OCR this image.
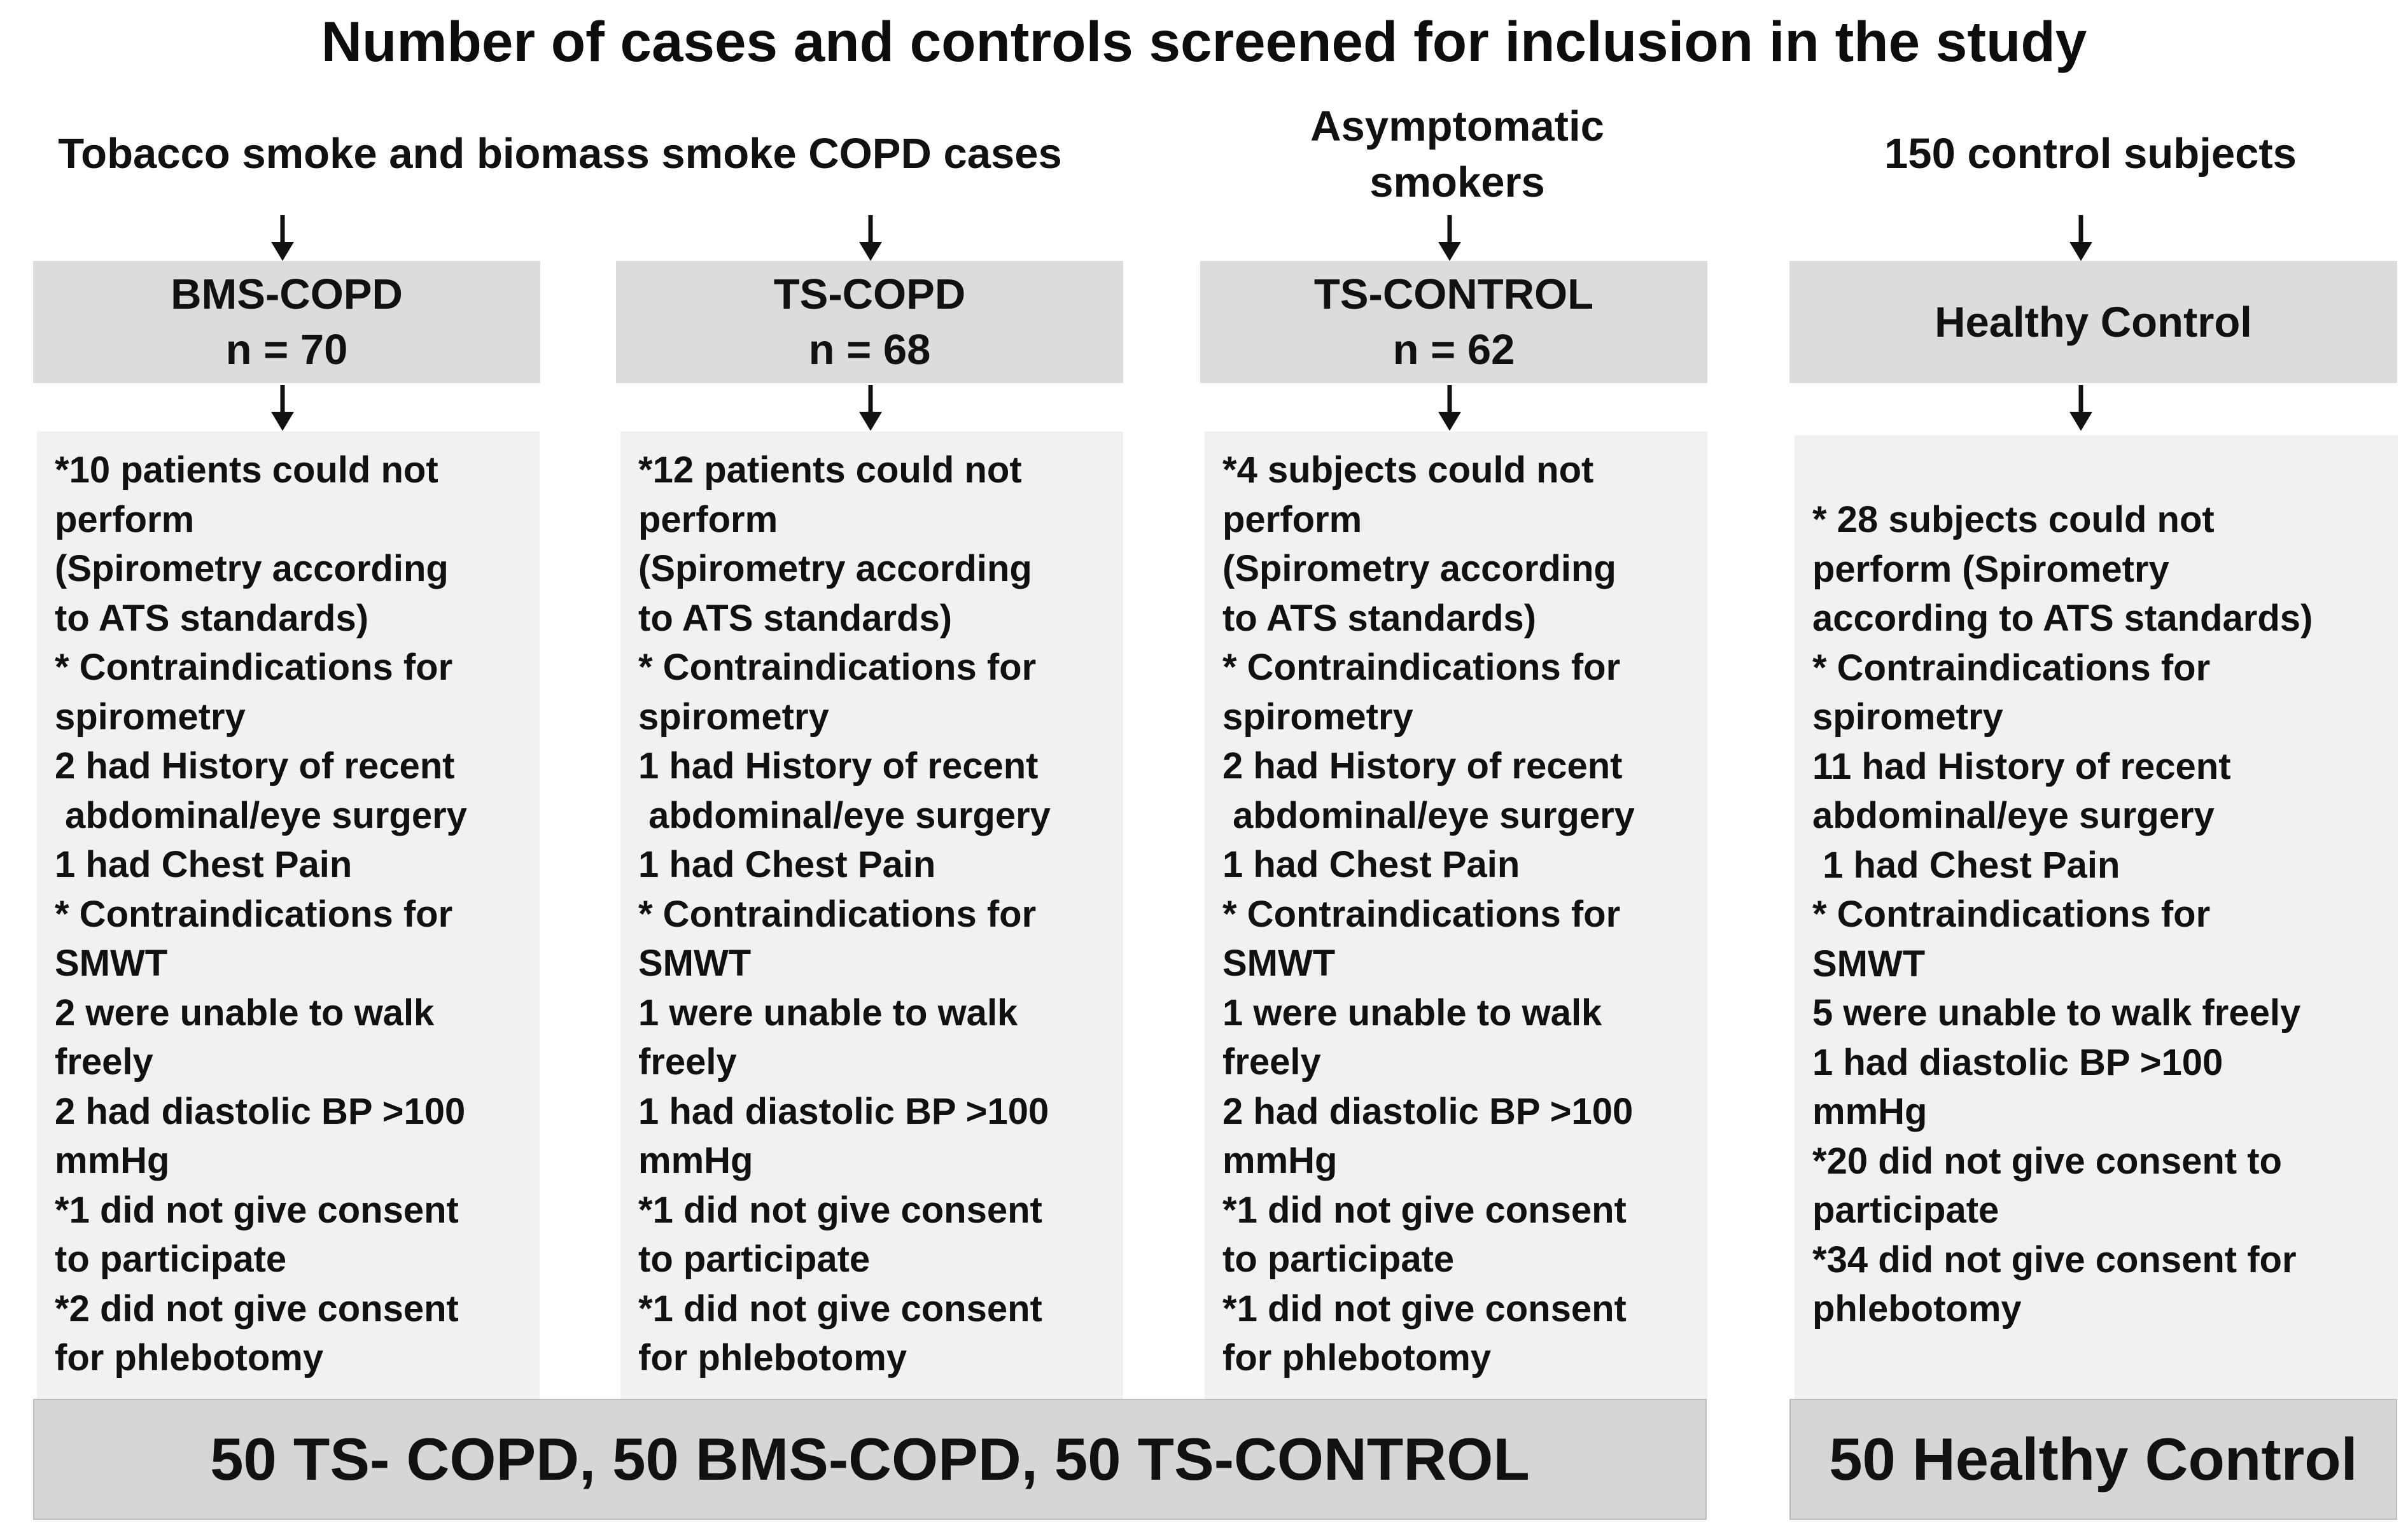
Number of cases and controls screened for inclusion in the study
Tobacco smoke and biomass smoke COPD cases
Asymptomatic
smokers
150 control subjects
BMS-COPD
n = 70
TS-COPD
n = 68
TS-CONTROL
n = 62
Healthy Control
*10 patients could not
perform
(Spirometry according
to ATS standards)
* Contraindications for
spirometry
2 had History of recent
abdominal/eye surgery
1 had Chest Pain
* Contraindications for
SMWT
2 were unable to walk
freely
2 had diastolic BP >100
mmHg
*1 did not give consent
to participate
*2 did not give consent
for phlebotomy
*12 patients could not
perform
(Spirometry according
to ATS standards)
* Contraindications for
spirometry
1 had History of recent
abdominal/eye surgery
1 had Chest Pain
* Contraindications for
SMWT
1 were unable to walk
freely
1 had diastolic BP >100
mmHg
*1 did not give consent
to participate
*1 did not give consent
for phlebotomy
*4 subjects could not
perform
(Spirometry according
to ATS standards)
* Contraindications for
spirometry
2 had History of recent
abdominal/eye surgery
1 had Chest Pain
* Contraindications for
SMWT
1 were unable to walk
freely
2 had diastolic BP >100
mmHg
*1 did not give consent
to participate
*1 did not give consent
for phlebotomy
* 28 subjects could not
perform (Spirometry
according to ATS standards)
* Contraindications for
spirometry
11 had History of recent
abdominal/eye surgery
1 had Chest Pain
* Contraindications for
SMWT
5 were unable to walk freely
1 had diastolic BP >100
mmHg
*20 did not give consent to
participate
*34 did not give consent for
phlebotomy
50 TS- COPD, 50 BMS-COPD, 50 TS-CONTROL	50 Healthy Control
